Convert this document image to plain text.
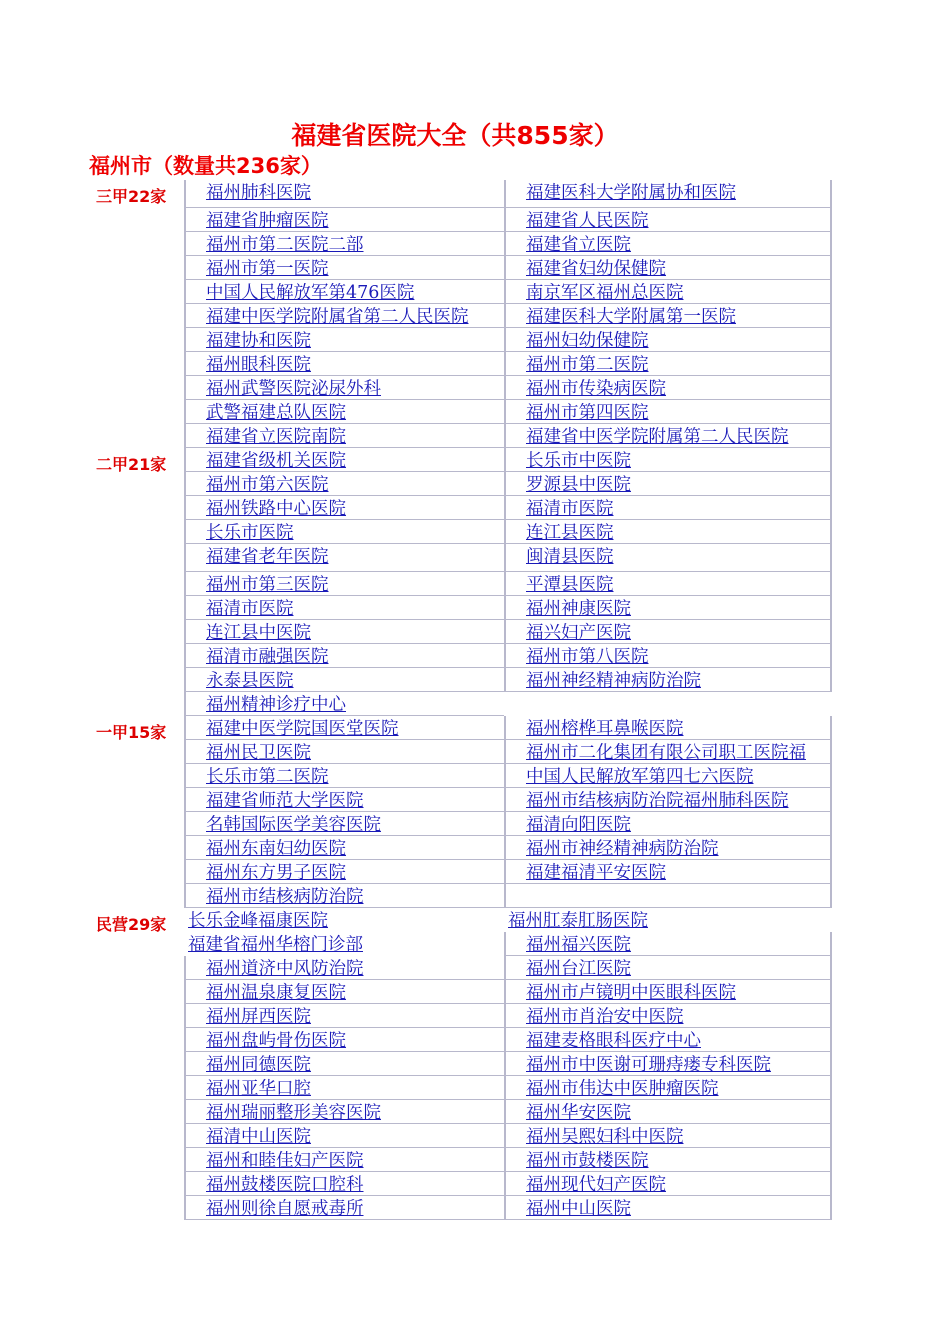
福建省医院大全（共855家）
福州市（数量共236家）
三甲22家	福州肺科医院	福建医科大学附属协和医院
福建省肿瘤医院	福建省人民医院
福州市第二医院二部	福建省立医院
福州市第一医院	福建省妇幼保健院
中国人民解放军第476医院	南京军区福州总医院
福建中医学院附属省第二人民医院	福建医科大学附属第一医院
福建协和医院	福州妇幼保健院
福州眼科医院	福州市第二医院
福州武警医院泌尿外科	福州市传染病医院
武警福建总队医院	福州市第四医院
福建省立医院南院	福建省中医学院附属第二人民医院
二甲21家	福建省级机关医院	长乐市中医院
福州市第六医院	罗源县中医院
福州铁路中心医院	福清市医院
长乐市医院	连江县医院
福建省老年医院	闽清县医院
福州市第三医院	平潭县医院
福清市医院	福州神康医院
连江县中医院	福兴妇产医院
福清市融强医院	福州市第八医院
永泰县医院	福州神经精神病防治院
福州精神诊疗中心
一甲15家	福建中医学院国医堂医院	福州榕桦耳鼻喉医院
福州民卫医院	福州市二化集团有限公司职工医院福
长乐市第二医院	中国人民解放军第四七六医院
福建省师范大学医院	福州市结核病防治院福州肺科医院
名韩国际医学美容医院	福清向阳医院
福州东南妇幼医院	福州市神经精神病防治院
福州东方男子医院	福建福清平安医院
福州市结核病防治院
民营29家 长乐金峰福康医院	福州肛泰肛肠医院
福建省福州华榕门诊部	福州福兴医院
福州道济中风防治院	福州台江医院
福州温泉康复医院	福州市卢镜明中医眼科医院
福州屏西医院	福州市肖治安中医院
福州盘屿骨伤医院	福建麦格眼科医疗中心
福州同德医院	福州市中医谢可珊痔瘘专科医院
福州亚华口腔	福州市伟达中医肿瘤医院
福州瑞丽整形美容医院	福州华安医院
福清中山医院	福州吴熙妇科中医院
福州和睦佳妇产医院	福州市鼓楼医院
福州鼓楼医院口腔科	福州现代妇产医院
福州则徐自愿戒毒所	福州中山医院
